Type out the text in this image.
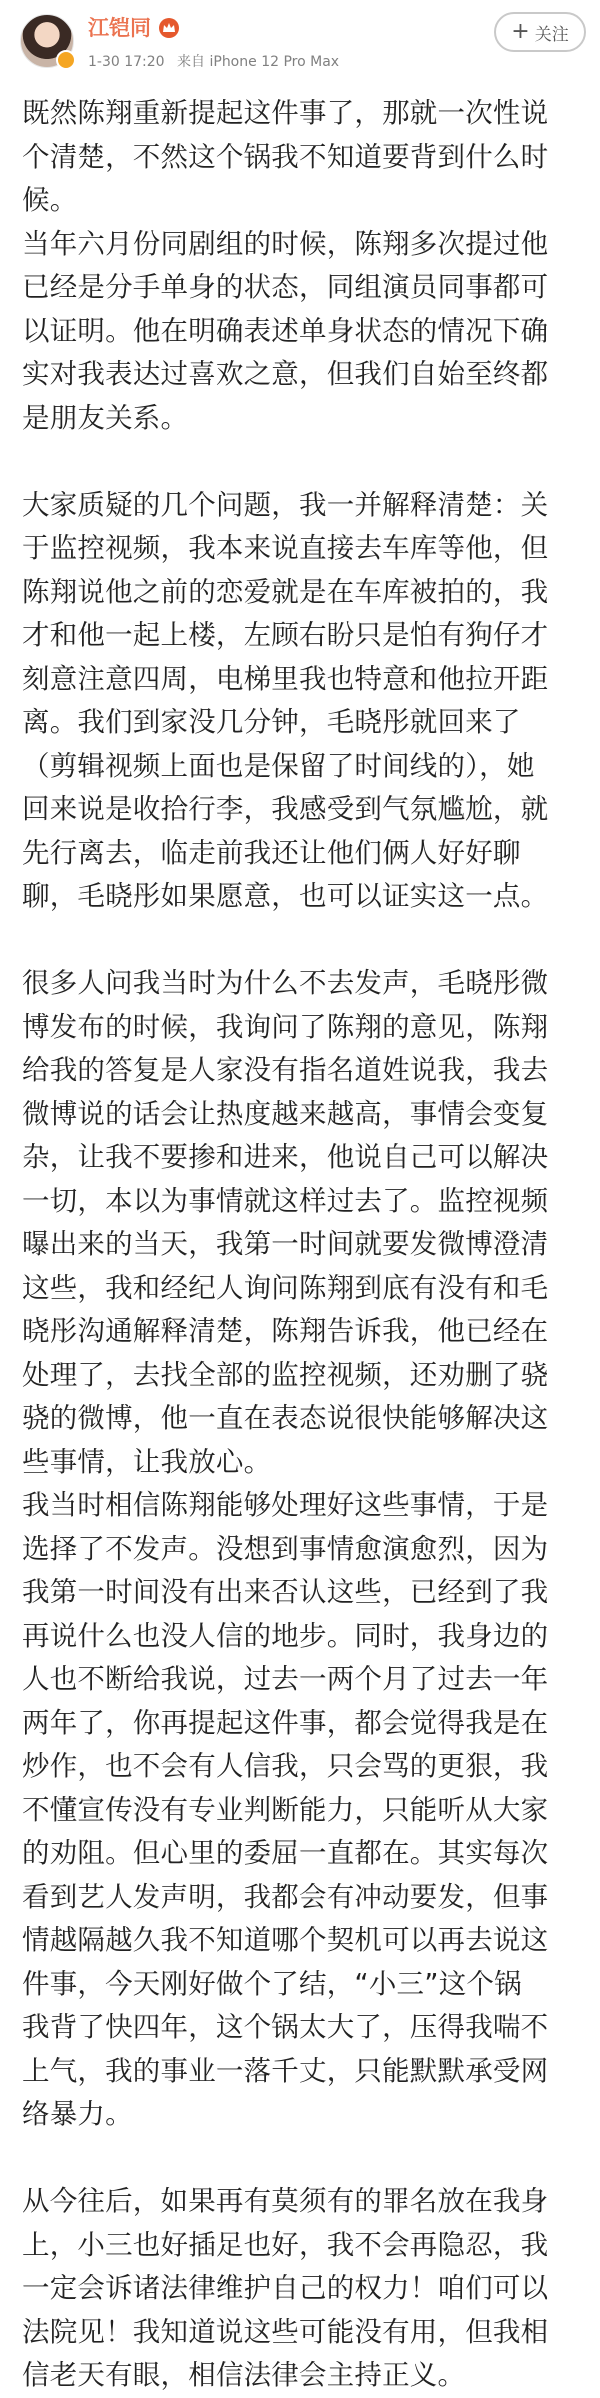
江铠同
1-30 17:20 来自 iPhone 12 Pro Max
+ 关注

既然陈翔重新提起这件事了，那就一次性说
个清楚，不然这个锅我不知道要背到什么时
候。

当年六月份同剧组的时候，陈翔多次提过他
已经是分手单身的状态，同组演员同事都可
以证明。他在明确表述单身状态的情况下确
实对我表达过喜欢之意，但我们自始至终都
是朋友关系。

大家质疑的几个问题，我一并解释清楚：关
于监控视频，我本来说直接去车库等他，但
陈翔说他之前的恋爱就是在车库被拍的，我
才和他一起上楼，左顾右盼只是怕有狗仔才
刻意注意四周，电梯里我也特意和他拉开距
离。我们到家没几分钟，毛晓彤就回来了
（剪辑视频上面也是保留了时间线的），她
回来说是收拾行李，我感受到气氛尴尬，就
先行离去，临走前我还让他们俩人好好聊
聊，毛晓彤如果愿意，也可以证实这一点。

很多人问我当时为什么不去发声，毛晓彤微
博发布的时候，我询问了陈翔的意见，陈翔
给我的答复是人家没有指名道姓说我，我去
微博说的话会让热度越来越高，事情会变复
杂，让我不要掺和进来，他说自己可以解决
一切，本以为事情就这样过去了。监控视频
曝出来的当天，我第一时间就要发微博澄清
这些，我和经纪人询问陈翔到底有没有和毛
晓彤沟通解释清楚，陈翔告诉我，他已经在
处理了，去找全部的监控视频，还劝删了骁
骁的微博，他一直在表态说很快能够解决这
些事情，让我放心。

我当时相信陈翔能够处理好这些事情，于是
选择了不发声。没想到事情愈演愈烈，因为
我第一时间没有出来否认这些，已经到了我
再说什么也没人信的地步。同时，我身边的
人也不断给我说，过去一两个月了过去一年
两年了，你再提起这件事，都会觉得我是在
炒作，也不会有人信我，只会骂的更狠，我
不懂宣传没有专业判断能力，只能听从大家
的劝阻。但心里的委屈一直都在。其实每次
看到艺人发声明，我都会有冲动要发，但事
情越隔越久我不知道哪个契机可以再去说这
件事，今天刚好做个了结，“小三”这个锅
我背了快四年，这个锅太大了，压得我喘不
上气，我的事业一落千丈，只能默默承受网
络暴力。

从今往后，如果再有莫须有的罪名放在我身
上，小三也好插足也好，我不会再隐忍，我
一定会诉诸法律维护自己的权力！咱们可以
法院见！我知道说这些可能没有用，但我相
信老天有眼，相信法律会主持正义。
